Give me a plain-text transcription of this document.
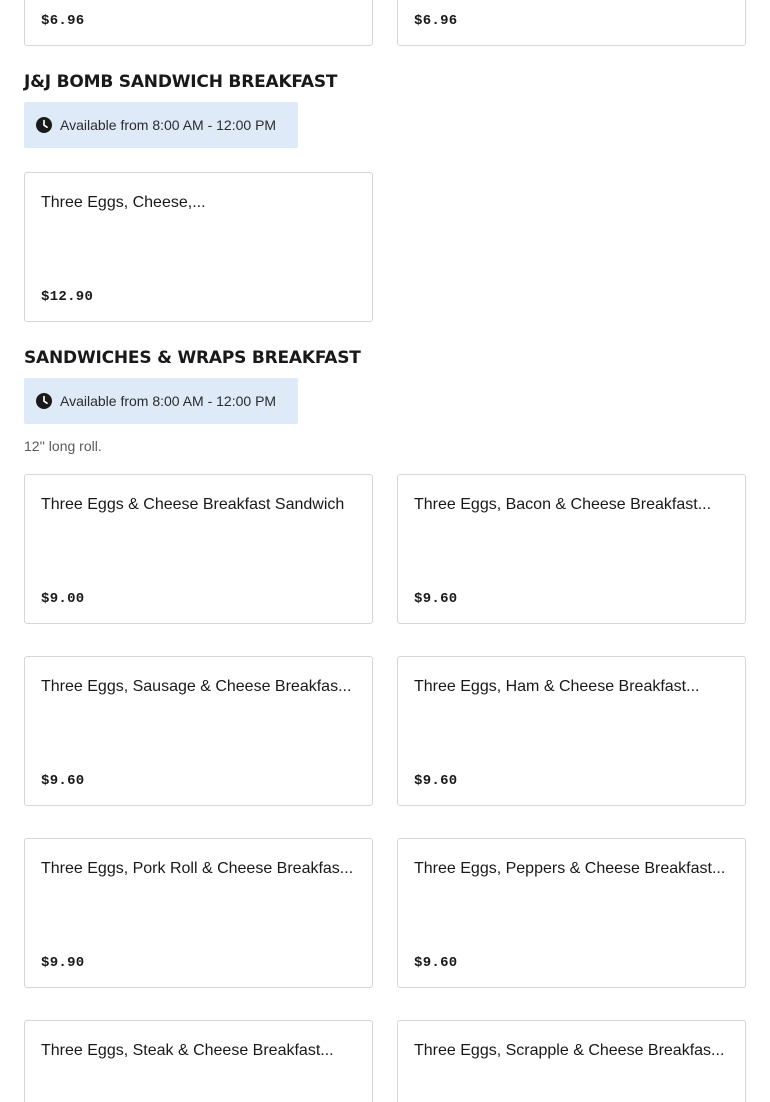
$6.96	$6.96
J&J BOMB SANDWICH BREAKFAST
Available from 8:00 AM - 12:00 PM
Three Eggs, Cheese,...
$12.90
SANDWICHES & WRAPS BREAKFAST
Available from 8:00 AM - 12:00 PM
12'' long roll.
Three Eggs & Cheese Breakfast Sandwich
$9.00
Three Eggs, Bacon & Cheese Breakfast...
$9.60
Three Eggs, Sausage & Cheese Breakfas...
$9.60
Three Eggs, Ham & Cheese Breakfast...
$9.60
Three Eggs, Pork Roll & Cheese Breakfas...
$9.90
Three Eggs, Peppers & Cheese Breakfast...
$9.60
Three Eggs, Steak & Cheese Breakfast...	Three Eggs, Scrapple & Cheese Breakfas...
